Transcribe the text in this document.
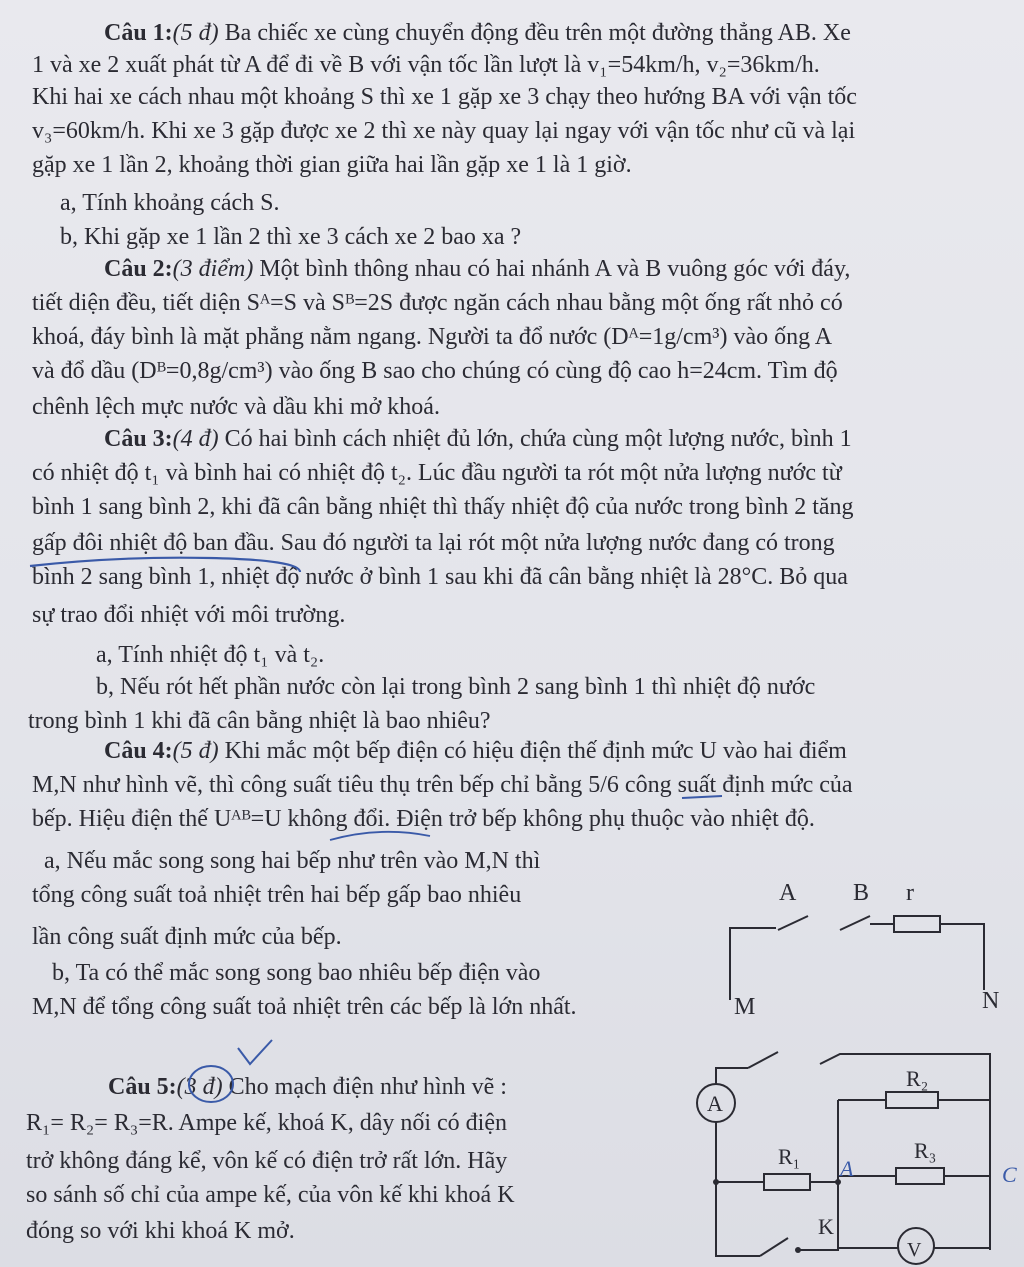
Câu 1:(5 đ) Ba chiếc xe cùng chuyển động đều trên một đường thẳng AB. Xe
1 và xe 2 xuất phát từ A để đi về B với vận tốc lần lượt là v₁=54km/h, v₂=36km/h.
Khi hai xe cách nhau một khoảng S thì xe 1 gặp xe 3 chạy theo hướng BA với vận tốc
v₃=60km/h. Khi xe 3 gặp được xe 2 thì xe này quay lại ngay với vận tốc như cũ và lại
gặp xe 1 lần 2, khoảng thời gian giữa hai lần gặp xe 1 là 1 giờ.
a, Tính khoảng cách S.
b, Khi gặp xe 1 lần 2 thì xe 3 cách xe 2 bao xa ?
Câu 2:(3 điểm) Một bình thông nhau có hai nhánh A và B vuông góc với đáy,
tiết diện đều, tiết diện Sᴬ=S và Sᴮ=2S được ngăn cách nhau bằng một ống rất nhỏ có
khoá, đáy bình là mặt phẳng nằm ngang. Người ta đổ nước (Dᴬ=1g/cm³) vào ống A
và đổ dầu (Dᴮ=0,8g/cm³) vào ống B sao cho chúng có cùng độ cao h=24cm. Tìm độ
chênh lệch mực nước và dầu khi mở khoá.
Câu 3:(4 đ) Có hai bình cách nhiệt đủ lớn, chứa cùng một lượng nước, bình 1
có nhiệt độ t₁ và bình hai có nhiệt độ t₂. Lúc đầu người ta rót một nửa lượng nước từ
bình 1 sang bình 2, khi đã cân bằng nhiệt thì thấy nhiệt độ của nước trong bình 2 tăng
gấp đôi nhiệt độ ban đầu. Sau đó người ta lại rót một nửa lượng nước đang có trong
bình 2 sang bình 1, nhiệt độ nước ở bình 1 sau khi đã cân bằng nhiệt là 28°C. Bỏ qua
sự trao đổi nhiệt với môi trường.
a, Tính nhiệt độ t₁ và t₂.
b, Nếu rót hết phần nước còn lại trong bình 2 sang bình 1 thì nhiệt độ nước
trong bình 1 khi đã cân bằng nhiệt là bao nhiêu?
Câu 4:(5 đ) Khi mắc một bếp điện có hiệu điện thế định mức U vào hai điểm
M,N như hình vẽ, thì công suất tiêu thụ trên bếp chỉ bằng 5/6 công suất định mức của
bếp. Hiệu điện thế Uᴬᴮ=U không đổi. Điện trở bếp không phụ thuộc vào nhiệt độ.
a, Nếu mắc song song hai bếp như trên vào M,N thì
tổng công suất toả nhiệt trên hai bếp gấp bao nhiêu
lần công suất định mức của bếp.
b, Ta có thể mắc song song bao nhiêu bếp điện vào
M,N để tổng công suất toả nhiệt trên các bếp là lớn nhất.
Câu 5:(3 đ) Cho mạch điện như hình vẽ :
R₁= R₂= R₃=R. Ampe kế, khoá K, dây nối có điện
trở không đáng kể, vôn kế có điện trở rất lớn. Hãy
so sánh số chỉ của ampe kế, của vôn kế khi khoá K
đóng so với khi khoá K mở.
A B r
M	N
A
V
R₂
R₁	R₃
K
A	C
